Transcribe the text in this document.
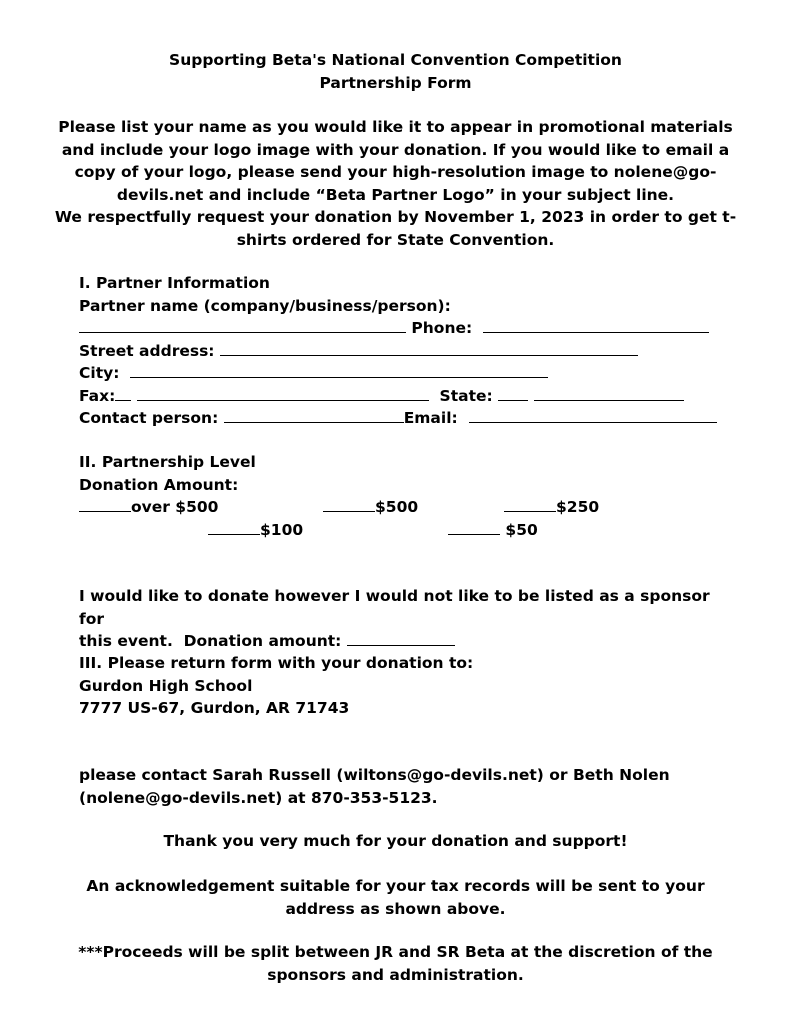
Supporting Beta's National Convention Competition
Partnership Form
Please list your name as you would like it to appear in promotional materials
and include your logo image with your donation. If you would like to email a
copy of your logo, please send your high-resolution image to nolene@go-
devils.net and include “Beta Partner Logo” in your subject line.
We respectfully request your donation by November 1, 2023 in order to get t-
shirts ordered for State Convention.
I. Partner Information
Partner name (company/business/person):
Phone:
Street address:
City:
Fax:	State:
Contact person:	Email:
II. Partnership Level
Donation Amount:
over $500	$500	$250
$100	$50
I would like to donate however I would not like to be listed as a sponsor for
this event.  Donation amount:
III. Please return form with your donation to:
Gurdon High School
7777 US-67, Gurdon, AR 71743
please contact Sarah Russell (wiltons@go-devils.net) or Beth Nolen
(nolene@go-devils.net) at 870-353-5123.
Thank you very much for your donation and support!
An acknowledgement suitable for your tax records will be sent to your
address as shown above.
***Proceeds will be split between JR and SR Beta at the discretion of the
sponsors and administration.
